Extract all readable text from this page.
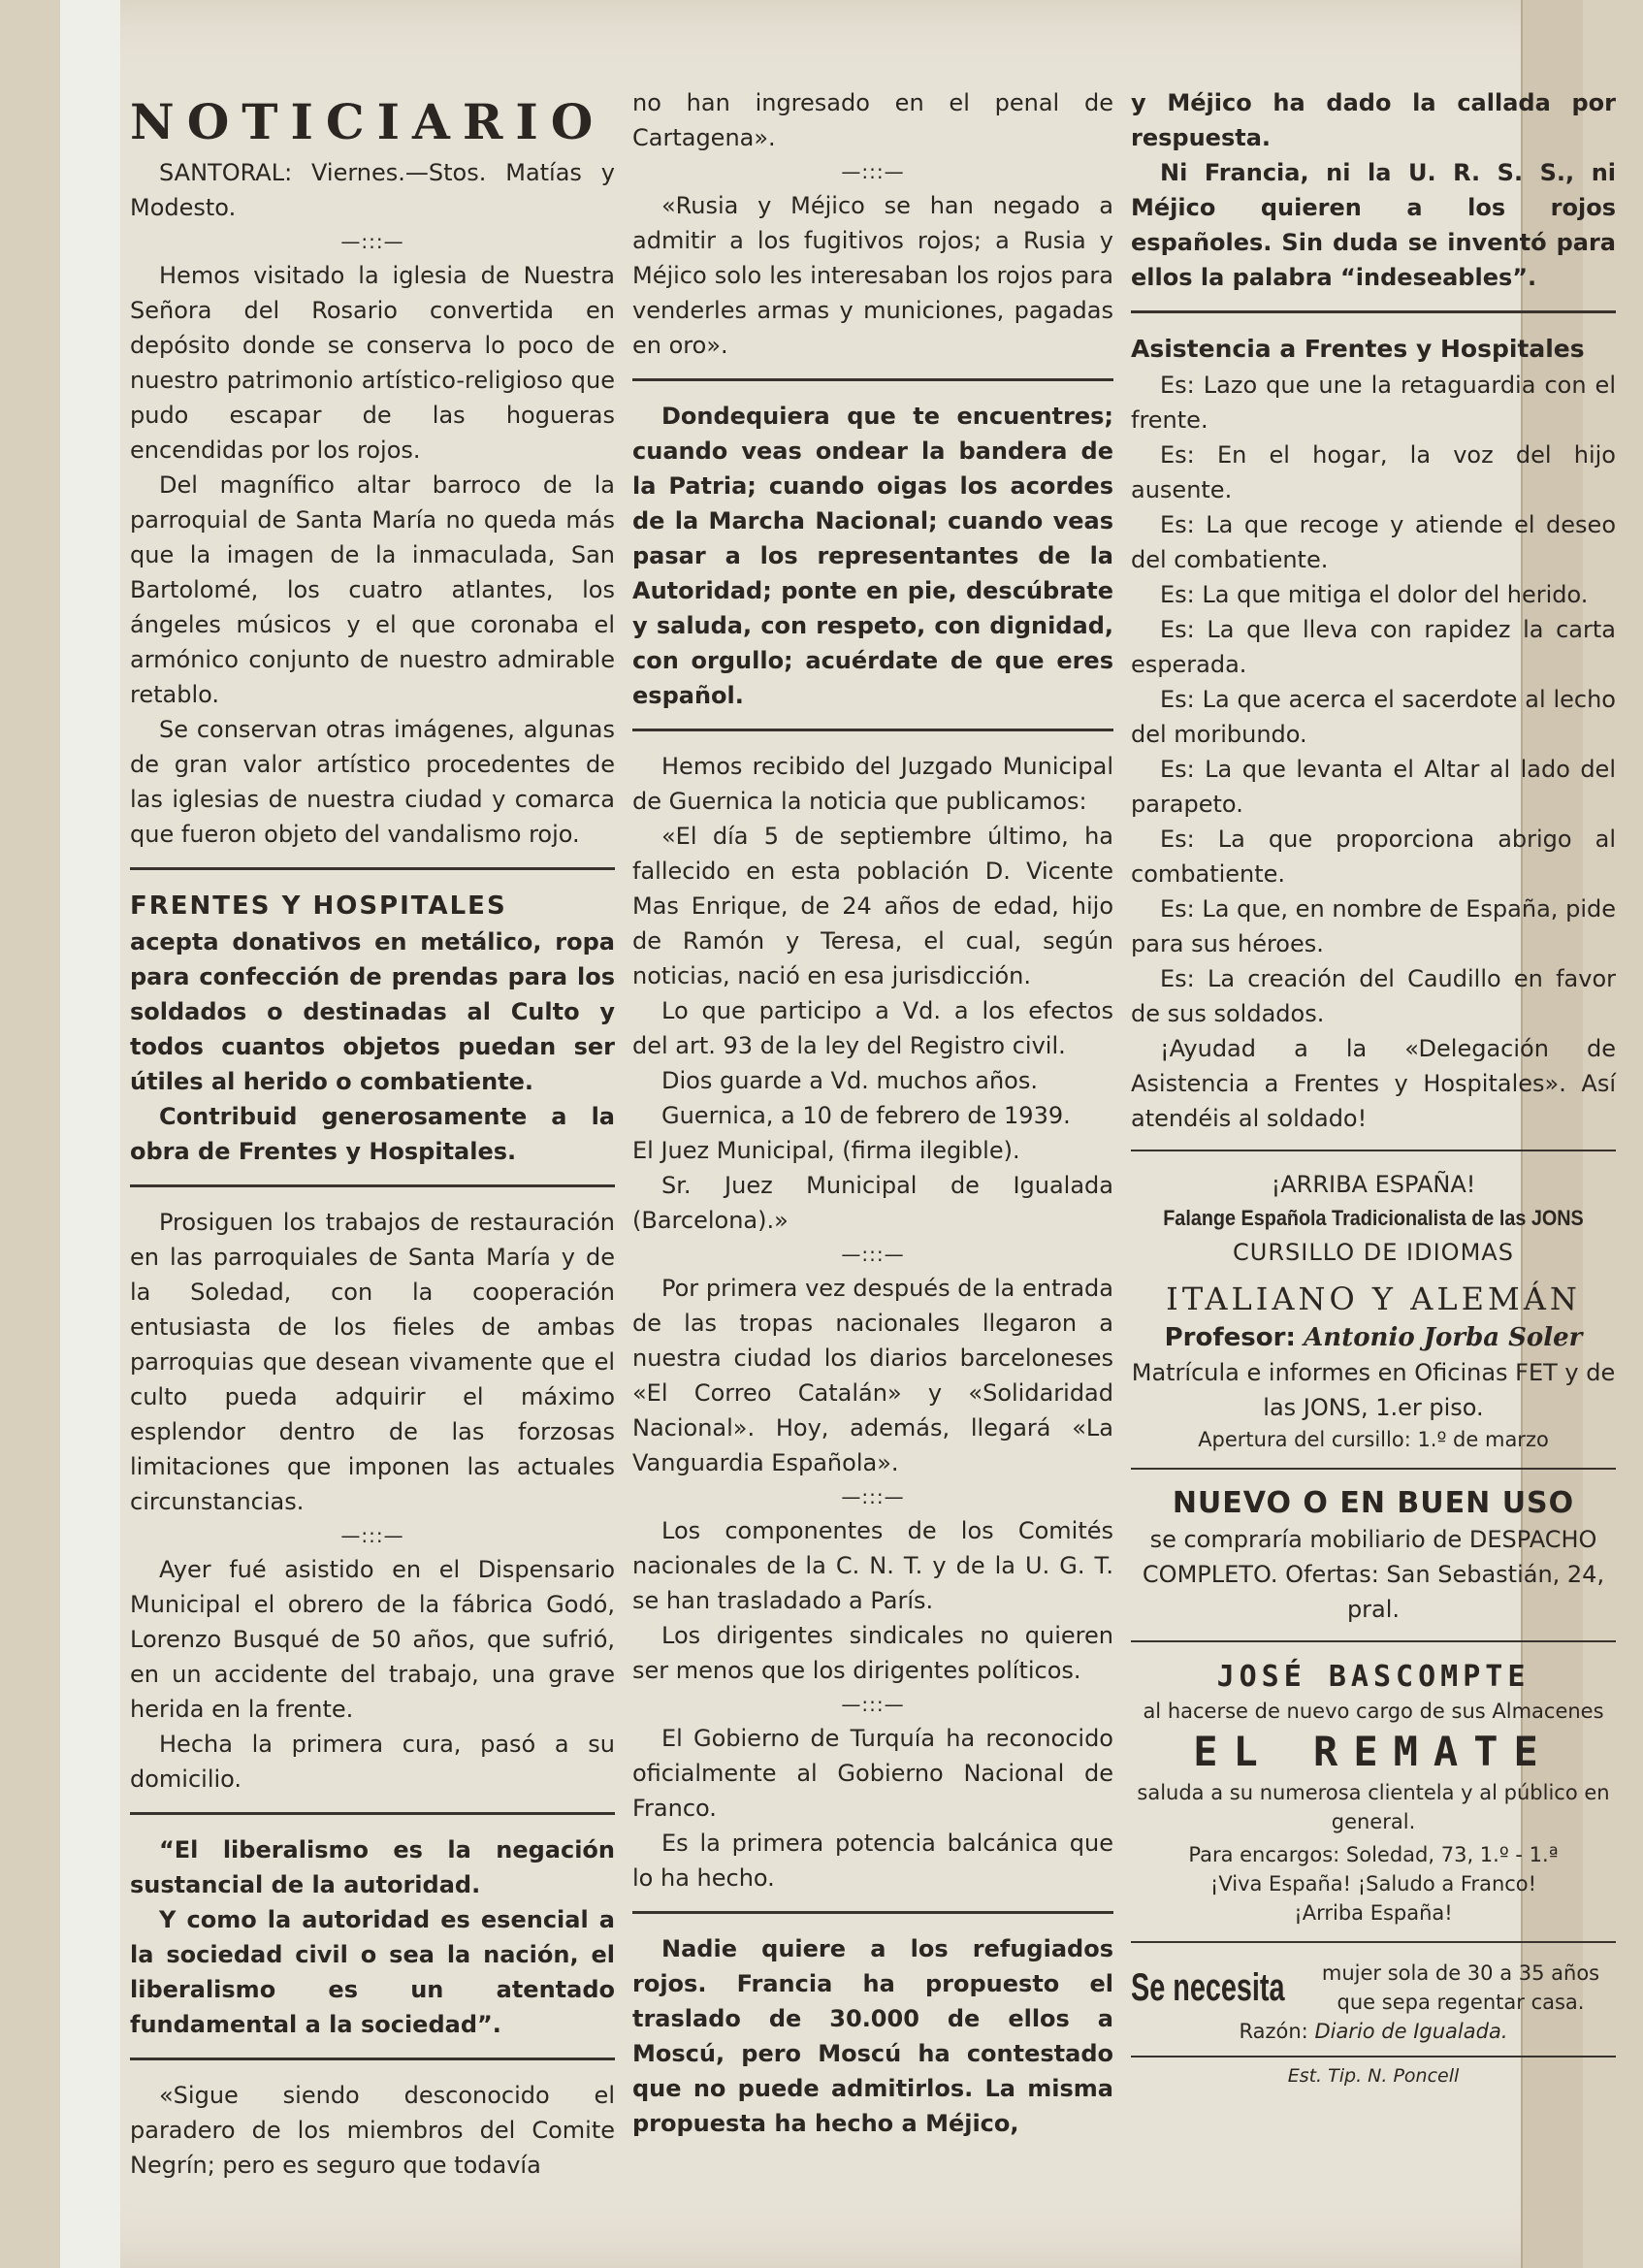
NOTICIARIO

SANTORAL: Viernes.—Stos. Matías y Modesto.

—:::—

Hemos visitado la iglesia de Nuestra Señora del Rosario convertida en depósito donde se conserva lo poco de nuestro patrimonio artístico-religioso que pudo escapar de las hogueras encendidas por los rojos.

Del magnífico altar barroco de la parroquial de Santa María no queda más que la imagen de la inmaculada, San Bartolomé, los cuatro atlantes, los ángeles músicos y el que coronaba el armónico conjunto de nuestro admirable retablo.

Se conservan otras imágenes, algunas de gran valor artístico procedentes de las iglesias de nuestra ciudad y comarca que fueron objeto del vandalismo rojo.

FRENTES Y HOSPITALES

acepta donativos en metálico, ropa para confección de prendas para los soldados o destinadas al Culto y todos cuantos objetos puedan ser útiles al herido o combatiente.

Contribuid generosamente a la obra de Frentes y Hospitales.

Prosiguen los trabajos de restauración en las parroquiales de Santa María y de la Soledad, con la cooperación entusiasta de los fieles de ambas parroquias que desean vivamente que el culto pueda adquirir el máximo esplendor dentro de las forzosas limitaciones que imponen las actuales circunstancias.

—:::—

Ayer fué asistido en el Dispensario Municipal el obrero de la fábrica Godó, Lorenzo Busqué de 50 años, que sufrió, en un accidente del trabajo, una grave herida en la frente.

Hecha la primera cura, pasó a su domicilio.

“El liberalismo es la negación sustancial de la autoridad.

Y como la autoridad es esencial a la sociedad civil o sea la nación, el liberalismo es un atentado fundamental a la sociedad”.

«Sigue siendo desconocido el paradero de los miembros del Comite Negrín; pero es seguro que todavía

no han ingresado en el penal de Cartagena».

—:::—

«Rusia y Méjico se han negado a admitir a los fugitivos rojos; a Rusia y Méjico solo les interesaban los rojos para venderles armas y municiones, pagadas en oro».

Dondequiera que te encuentres; cuando veas ondear la bandera de la Patria; cuando oigas los acordes de la Marcha Nacional; cuando veas pasar a los representantes de la Autoridad; ponte en pie, descúbrate y saluda, con respeto, con dignidad, con orgullo; acuérdate de que eres español.

Hemos recibido del Juzgado Municipal de Guernica la noticia que publicamos:

«El día 5 de septiembre último, ha fallecido en esta población D. Vicente Mas Enrique, de 24 años de edad, hijo de Ramón y Teresa, el cual, según noticias, nació en esa jurisdicción.

Lo que participo a Vd. a los efectos del art. 93 de la ley del Registro civil.

Dios guarde a Vd. muchos años.

Guernica, a 10 de febrero de 1939.

El Juez Municipal, (firma ilegible).

Sr. Juez Municipal de Igualada (Barcelona).»

—:::—

Por primera vez después de la entrada de las tropas nacionales llegaron a nuestra ciudad los diarios barceloneses «El Correo Catalán» y «Solidaridad Nacional». Hoy, además, llegará «La Vanguardia Española».

—:::—

Los componentes de los Comités nacionales de la C. N. T. y de la U. G. T. se han trasladado a París.

Los dirigentes sindicales no quieren ser menos que los dirigentes políticos.

—:::—

El Gobierno de Turquía ha reconocido oficialmente al Gobierno Nacional de Franco.

Es la primera potencia balcánica que lo ha hecho.

Nadie quiere a los refugiados rojos. Francia ha propuesto el traslado de 30.000 de ellos a Moscú, pero Moscú ha contestado que no puede admitirlos. La misma propuesta ha hecho a Méjico,

y Méjico ha dado la callada por respuesta.

Ni Francia, ni la U. R. S. S., ni Méjico quieren a los rojos españoles. Sin duda se inventó para ellos la palabra “indeseables”.

Asistencia a Frentes y Hospitales

Es: Lazo que une la retaguardia con el frente.

Es: En el hogar, la voz del hijo ausente.

Es: La que recoge y atiende el deseo del combatiente.

Es: La que mitiga el dolor del herido.

Es: La que lleva con rapidez la carta esperada.

Es: La que acerca el sacerdote al lecho del moribundo.

Es: La que levanta el Altar al lado del parapeto.

Es: La que proporciona abrigo al combatiente.

Es: La que, en nombre de España, pide para sus héroes.

Es: La creación del Caudillo en favor de sus soldados.

¡Ayudad a la «Delegación de Asistencia a Frentes y Hospitales». Así atendéis al soldado!

¡ARRIBA ESPAÑA!

Falange Española Tradicionalista de las JONS

CURSILLO DE IDIOMAS

ITALIANO Y ALEMÁN

Profesor: Antonio Jorba Soler

Matrícula e informes en Oficinas FET y de las JONS, 1.er piso.

Apertura del cursillo: 1.º de marzo
NUEVO O EN BUEN USO

se compraría mobiliario de DESPACHO COMPLETO. Ofertas: San Sebastián, 24, pral.

JOSÉ BASCOMPTE
al hacerse de nuevo cargo de sus Almacenes
EL REMATE
saluda a su numerosa clientela y al público en general.
Para encargos: Soledad, 73, 1.º - 1.ª
¡Viva España! ¡Saludo a Franco!
¡Arriba España!
Se necesita	mujer sola de 30 a 35 años que sepa regentar casa.
Razón: Diario de Igualada.
Est. Tip. N. Poncell
